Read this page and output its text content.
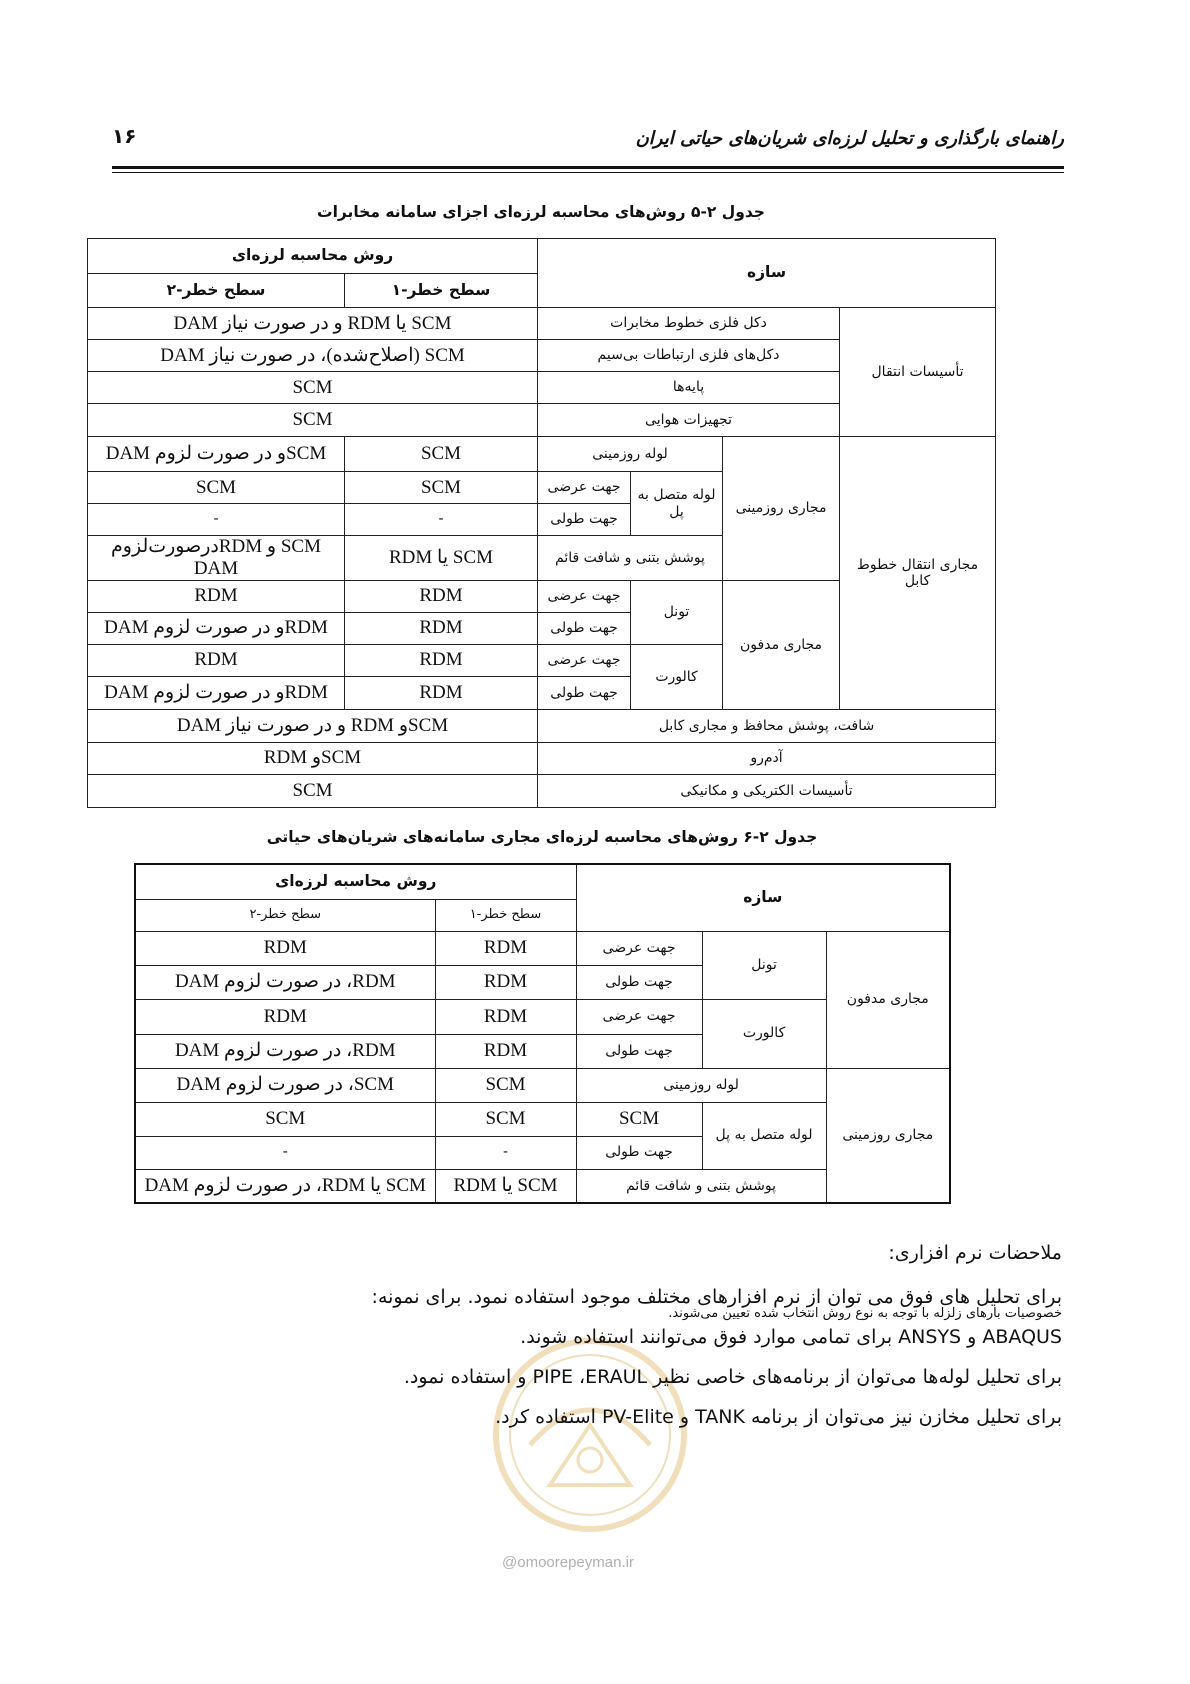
راهنمای بارگذاری و تحلیل لرزه‌ای شریان‌های حیاتی ایران
۱۶
جدول ۲-۵ روش‌های محاسبه لرزه‌ای اجزای سامانه مخابرات
سازه				روش محاسبه لرزه‌ای	
				سطح خطر-۱	سطح خطر-۲
تأسیسات انتقال	دکل فلزی خطوط مخابرات			SCM یا RDM و در صورت نیاز DAM	
	دکل‌های فلزی ارتباطات بی‌سیم			SCM (اصلاح‌شده)، در صورت نیاز DAM	
	پایه‌ها			SCM	
	تجهیزات هوایی			SCM	
مجاری انتقال خطوط کابل	مجاری روزمینی	لوله روزمینی		SCM	SCMو در صورت لزوم DAM
		لوله متصل به پل	جهت عرضی	SCM	SCM
			جهت طولی	-	-
		پوشش بتنی و شافت قائم		SCM یا RDM	SCM و RDMدرصورت‌لزوم DAM
	مجاری مدفون	تونل	جهت عرضی	RDM	RDM
			جهت طولی	RDM	RDMو در صورت لزوم DAM
		کالورت	جهت عرضی	RDM	RDM
			جهت طولی	RDM	RDMو در صورت لزوم DAM
شافت، پوشش محافظ و مجاری کابل				SCMو RDM و در صورت نیاز DAM	
آدم‌رو				SCMو RDM	
تأسیسات الکتریکی و مکانیکی				SCM	
جدول ۲-۶ روش‌های محاسبه لرزه‌ای مجاری سامانه‌های شریان‌های حیاتی
سازه			روش محاسبه لرزه‌ای	
			سطح خطر-۱	سطح خطر-۲
مجاری مدفون	تونل	جهت عرضی	RDM	RDM
		جهت طولی	RDM	RDM، در صورت لزوم DAM
	کالورت	جهت عرضی	RDM	RDM
		جهت طولی	RDM	RDM، در صورت لزوم DAM
مجاری روزمینی	لوله روزمینی		SCM	SCM، در صورت لزوم DAM
	لوله متصل به پل	SCM	SCM	SCM
		جهت طولی	-	-
	پوشش بتنی و شافت قائم		SCM یا RDM	SCM یا RDM، در صورت لزوم DAM
خصوصیات بارهای زلزله با توجه به نوع روش انتخاب شده تعیین می‌شوند.
@omoorepeyman.ir
ملاحضات نرم افزاری:
برای تحلیل های فوق می توان از نرم افزارهای مختلف موجود استفاده نمود. برای نمونه:
ABAQUS و ANSYS برای تمامی موارد فوق می‌توانند استفاده شوند.
برای تحلیل لوله‌ها می‌توان از برنامه‌های خاصی نظیر PIPE ،ERAUL و استفاده نمود.
برای تحلیل مخازن نیز می‌توان از برنامه TANK و PV-Elite استفاده کرد.
